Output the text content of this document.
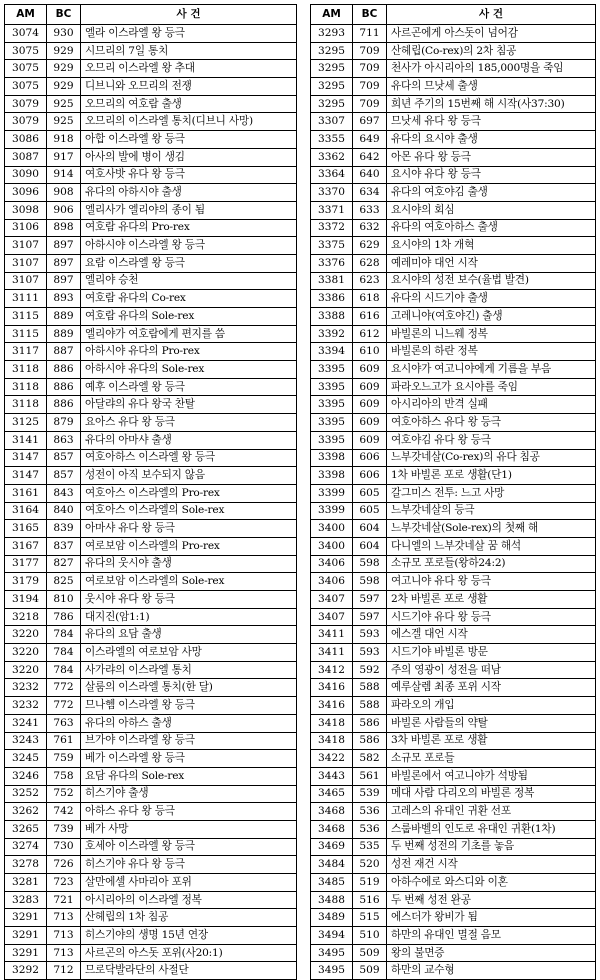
AM	BC	사 건
3074	930	엘라 이스라엘 왕 등극
3075	929	시므리의 7일 통치
3075	929	오므리 이스라엘 왕 추대
3075	929	디브니와 오므리의 전쟁
3079	925	오므리의 여호람 출생
3079	925	오므리의 이스라엘 통치(디브니 사망)
3086	918	아합 이스라엘 왕 등극
3087	917	아사의 발에 병이 생김
3090	914	여호사밧 유다 왕 등극
3096	908	유다의 아하시야 출생
3098	906	엘리사가 엘리야의 종이 됨
3106	898	여호람 유다의 Pro-rex
3107	897	아하시야 이스라엘 왕 등극
3107	897	요람 이스라엘 왕 등극
3107	897	엘리야 승천
3111	893	여호람 유다의 Co-rex
3115	889	여호람 유다의 Sole-rex
3115	889	엘리야가 여호람에게 편지를 씀
3117	887	아하시야 유다의 Pro-rex
3118	886	아하시야 유다의 Sole-rex
3118	886	예후 이스라엘 왕 등극
3118	886	아달랴의 유다 왕국 찬탈
3125	879	요아스 유다 왕 등극
3141	863	유다의 아마샤 출생
3147	857	여호아하스 이스라엘 왕 등극
3147	857	성전이 아직 보수되지 않음
3161	843	여호아스 이스라엘의 Pro-rex
3164	840	여호아스 이스라엘의 Sole-rex
3165	839	아마샤 유다 왕 등극
3167	837	여로보암 이스라엘의 Pro-rex
3177	827	유다의 웃시야 출생
3179	825	여로보암 이스라엘의 Sole-rex
3194	810	웃시야 유다 왕 등극
3218	786	대지진(암1:1)
3220	784	유다의 요담 출생
3220	784	이스라엘의 여로보암 사망
3220	784	사가랴의 이스라엘 통치
3232	772	살룸의 이스라엘 통치(한 달)
3232	772	므나헴 이스라엘 왕 등극
3241	763	유다의 아하스 출생
3243	761	브가야 이스라엘 왕 등극
3245	759	베가 이스라엘 왕 등극
3246	758	요담 유다의 Sole-rex
3252	752	히스기야 출생
3262	742	아하스 유다 왕 등극
3265	739	베가 사망
3274	730	호세아 이스라엘 왕 등극
3278	726	히스기야 유다 왕 등극
3281	723	살만에셀 사마리아 포위
3283	721	아시리아의 이스라엘 정복
3291	713	산헤립의 1차 침공
3291	713	히스기야의 생명 15년 연장
3291	713	사르곤의 아스돗 포위(사20:1)
3292	712	므로닥발라단의 사절단
AM	BC	사 건
3293	711	사르곤에게 아스돗이 넘어감
3295	709	산헤립(Co-rex)의 2차 침공
3295	709	천사가 아시리아의 185,000명을 죽임
3295	709	유다의 므낫세 출생
3295	709	희년 주기의 15번째 해 시작(사37:30)
3307	697	므낫세 유다 왕 등극
3355	649	유다의 요시야 출생
3362	642	아몬 유다 왕 등극
3364	640	요시야 유다 왕 등극
3370	634	유다의 여호야김 출생
3371	633	요시야의 회심
3372	632	유다의 여호아하스 출생
3375	629	요시야의 1차 개혁
3376	628	예레미야 대언 시작
3381	623	요시야의 성전 보수(율법 발견)
3386	618	유다의 시드기야 출생
3388	616	고레니야(여호야긴) 출생
3392	612	바빌론의 니느웨 정복
3394	610	바빌론의 하란 정복
3395	609	요시야가 여고니야에게 기름을 부음
3395	609	파라오느고가 요시야를 죽임
3395	609	아시리아의 반격 실패
3395	609	여호아하스 유다 왕 등극
3395	609	여호야김 유다 왕 등극
3398	606	느부갓네살(Co-rex)의 유다 침공
3398	606	1차 바빌론 포로 생활(단1)
3399	605	갈그미스 전투: 느고 사망
3399	605	느부갓네살의 등극
3400	604	느부갓네살(Sole-rex)의 첫째 해
3400	604	다니엘의 느부갓네살 꿈 해석
3406	598	소규모 포로들(왕하24:2)
3406	598	여고니야 유다 왕 등극
3407	597	2차 바빌론 포로 생활
3407	597	시드기야 유다 왕 등극
3411	593	에스겔 대언 시작
3411	593	시드기야 바빌론 방문
3412	592	주의 영광이 성전을 떠남
3416	588	예루살렘 최종 포위 시작
3416	588	파라오의 개입
3418	586	바빌론 사람들의 약탈
3418	586	3차 바빌론 포로 생활
3422	582	소규모 포로들
3443	561	바빌론에서 여고니야가 석방됨
3465	539	메대 사람 다리오의 바빌론 정복
3468	536	고레스의 유대인 귀환 선포
3468	536	스룹바벨의 인도로 유대인 귀환(1차)
3469	535	두 번째 성전의 기초를 놓음
3484	520	성전 재건 시작
3485	519	아하수에로 와스디와 이혼
3488	516	두 번째 성전 완공
3489	515	에스더가 왕비가 됨
3494	510	하만의 유대인 멸절 음모
3495	509	왕의 불면증
3495	509	하만의 교수형
